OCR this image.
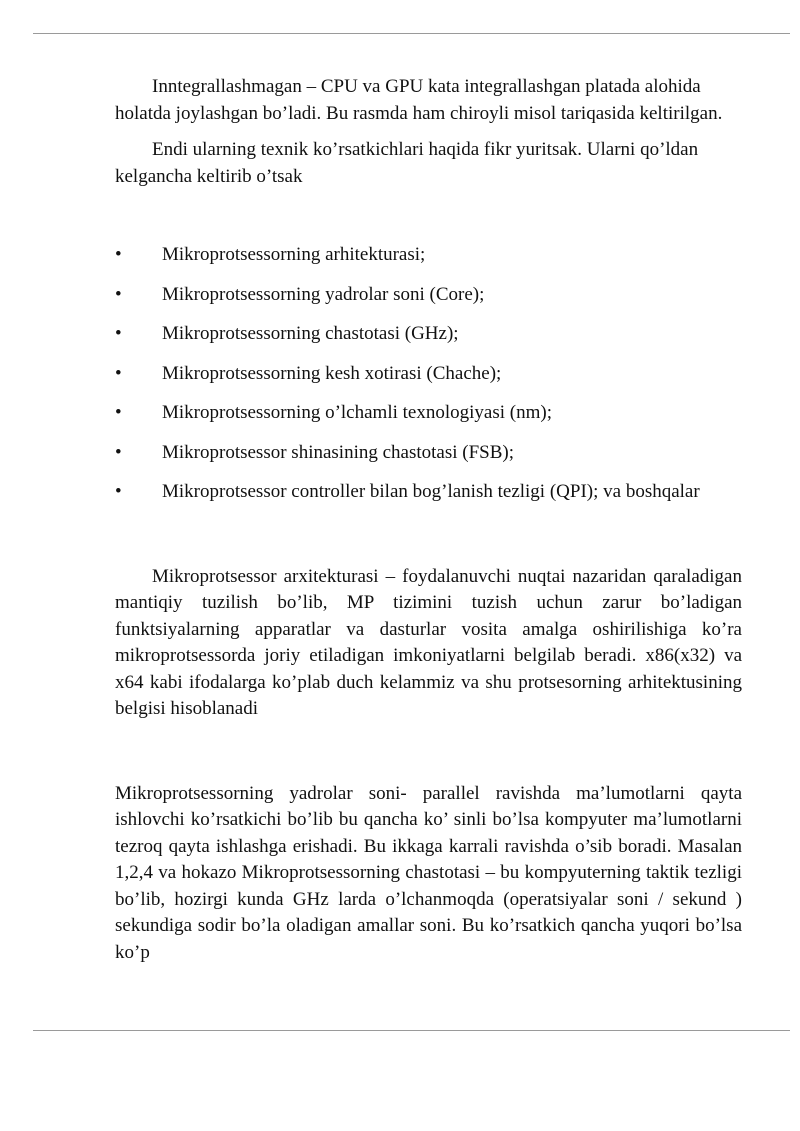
Inntegrallashmagan – CPU va GPU kata integrallashgan platada alohida holatda joylashgan bo’ladi. Bu rasmda ham chiroyli misol tariqasida keltirilgan.

Endi ularning texnik ko’rsatkichlari haqida fikr yuritsak. Ularni qo’ldan kelgancha keltirib o’tsak

• Mikroprotsessorning arhitekturasi;
• Mikroprotsessorning yadrolar soni (Core);
• Mikroprotsessorning chastotasi (GHz);
• Mikroprotsessorning kesh xotirasi (Chache);
• Mikroprotsessorning o’lchamli texnologiyasi (nm);
• Mikroprotsessor shinasining chastotasi (FSB);
• Mikroprotsessor controller bilan bog’lanish tezligi (QPI); va boshqalar

Mikroprotsessor arxitekturasi – foydalanuvchi nuqtai nazaridan qaraladigan mantiqiy tuzilish bo’lib, MP tizimini tuzish uchun zarur bo’ladigan funktsiyalarning apparatlar va dasturlar vosita amalga oshirilishiga ko’ra mikroprotsessorda joriy etiladigan imkoniyatlarni belgilab beradi. x86(x32) va x64 kabi ifodalarga ko’plab duch kelammiz va shu protsesorning arhitektusining belgisi hisoblanadi

Mikroprotsessorning yadrolar soni- parallel ravishda ma’lumotlarni qayta ishlovchi ko’rsatkichi bo’lib bu qancha ko’ sinli bo’lsa kompyuter ma’lumotlarni tezroq qayta ishlashga erishadi. Bu ikkaga karrali ravishda o’sib boradi. Masalan 1,2,4 va hokazo Mikroprotsessorning chastotasi – bu kompyuterning taktik tezligi bo’lib, hozirgi kunda GHz larda o’lchanmoqda (operatsiyalar soni / sekund ) sekundiga sodir bo’la oladigan amallar soni. Bu ko’rsatkich qancha yuqori bo’lsa ko’p
